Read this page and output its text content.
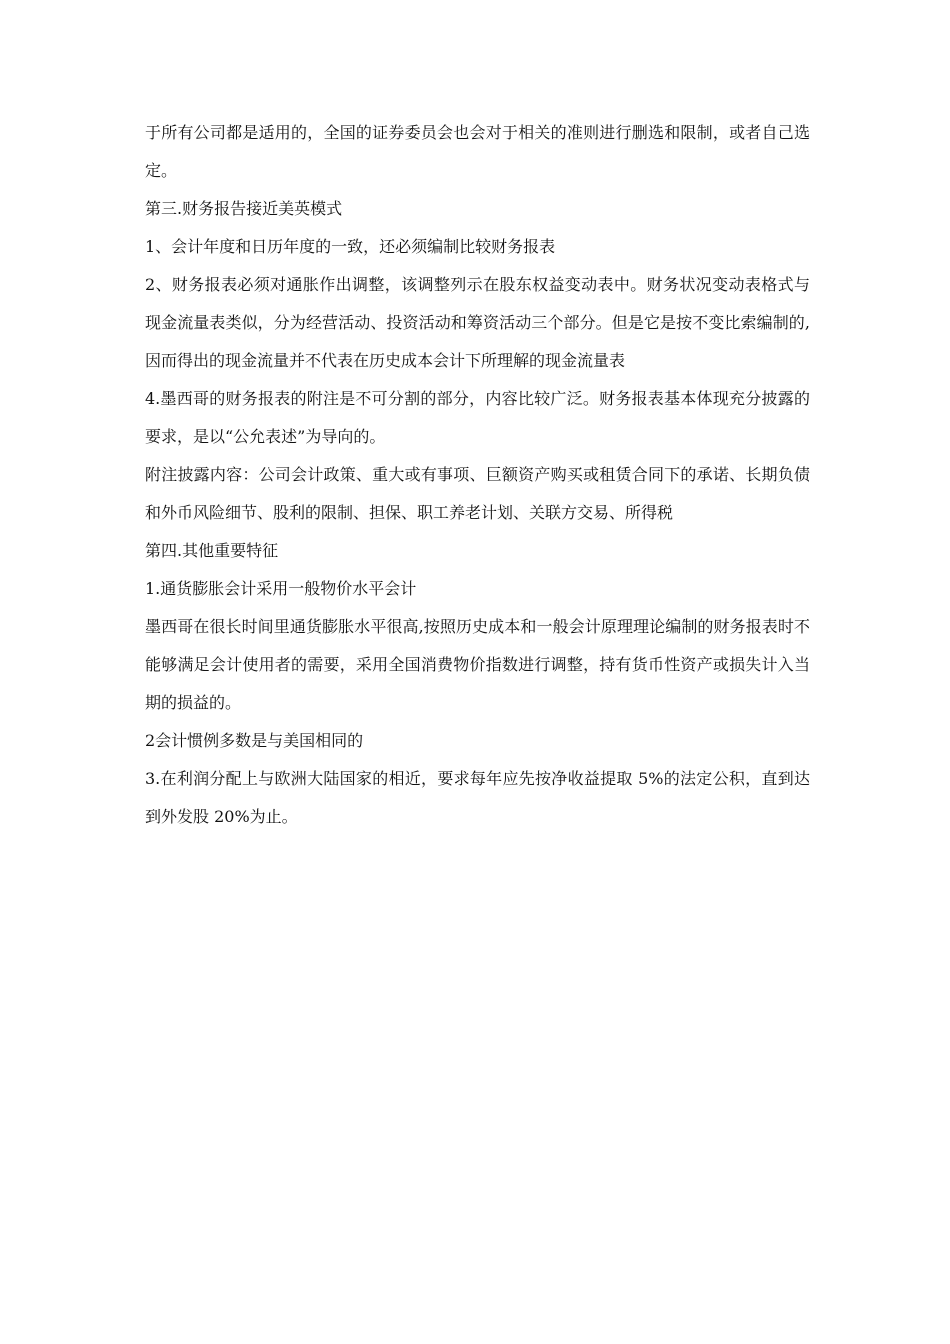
于所有公司都是适用的，全国的证券委员会也会对于相关的准则进行删选和限制，或者自己选定。

第三.财务报告接近美英模式

1、会计年度和日历年度的一致，还必须编制比较财务报表

2、财务报表必须对通胀作出调整，该调整列示在股东权益变动表中。财务状况变动表格式与现金流量表类似，分为经营活动、投资活动和筹资活动三个部分。但是它是按不变比索编制的,因而得出的现金流量并不代表在历史成本会计下所理解的现金流量表

4.墨西哥的财务报表的附注是不可分割的部分，内容比较广泛。财务报表基本体现充分披露的要求，是以“公允表述”为导向的。

附注披露内容：公司会计政策、重大或有事项、巨额资产购买或租赁合同下的承诺、长期负债和外币风险细节、股利的限制、担保、职工养老计划、关联方交易、所得税

第四.其他重要特征

1.通货膨胀会计采用一般物价水平会计

墨西哥在很长时间里通货膨胀水平很高,按照历史成本和一般会计原理理论编制的财务报表时不能够满足会计使用者的需要，采用全国消费物价指数进行调整，持有货币性资产或损失计入当期的损益的。

2会计惯例多数是与美国相同的

3.在利润分配上与欧洲大陆国家的相近，要求每年应先按净收益提取 5%的法定公积，直到达到外发股 20%为止。
